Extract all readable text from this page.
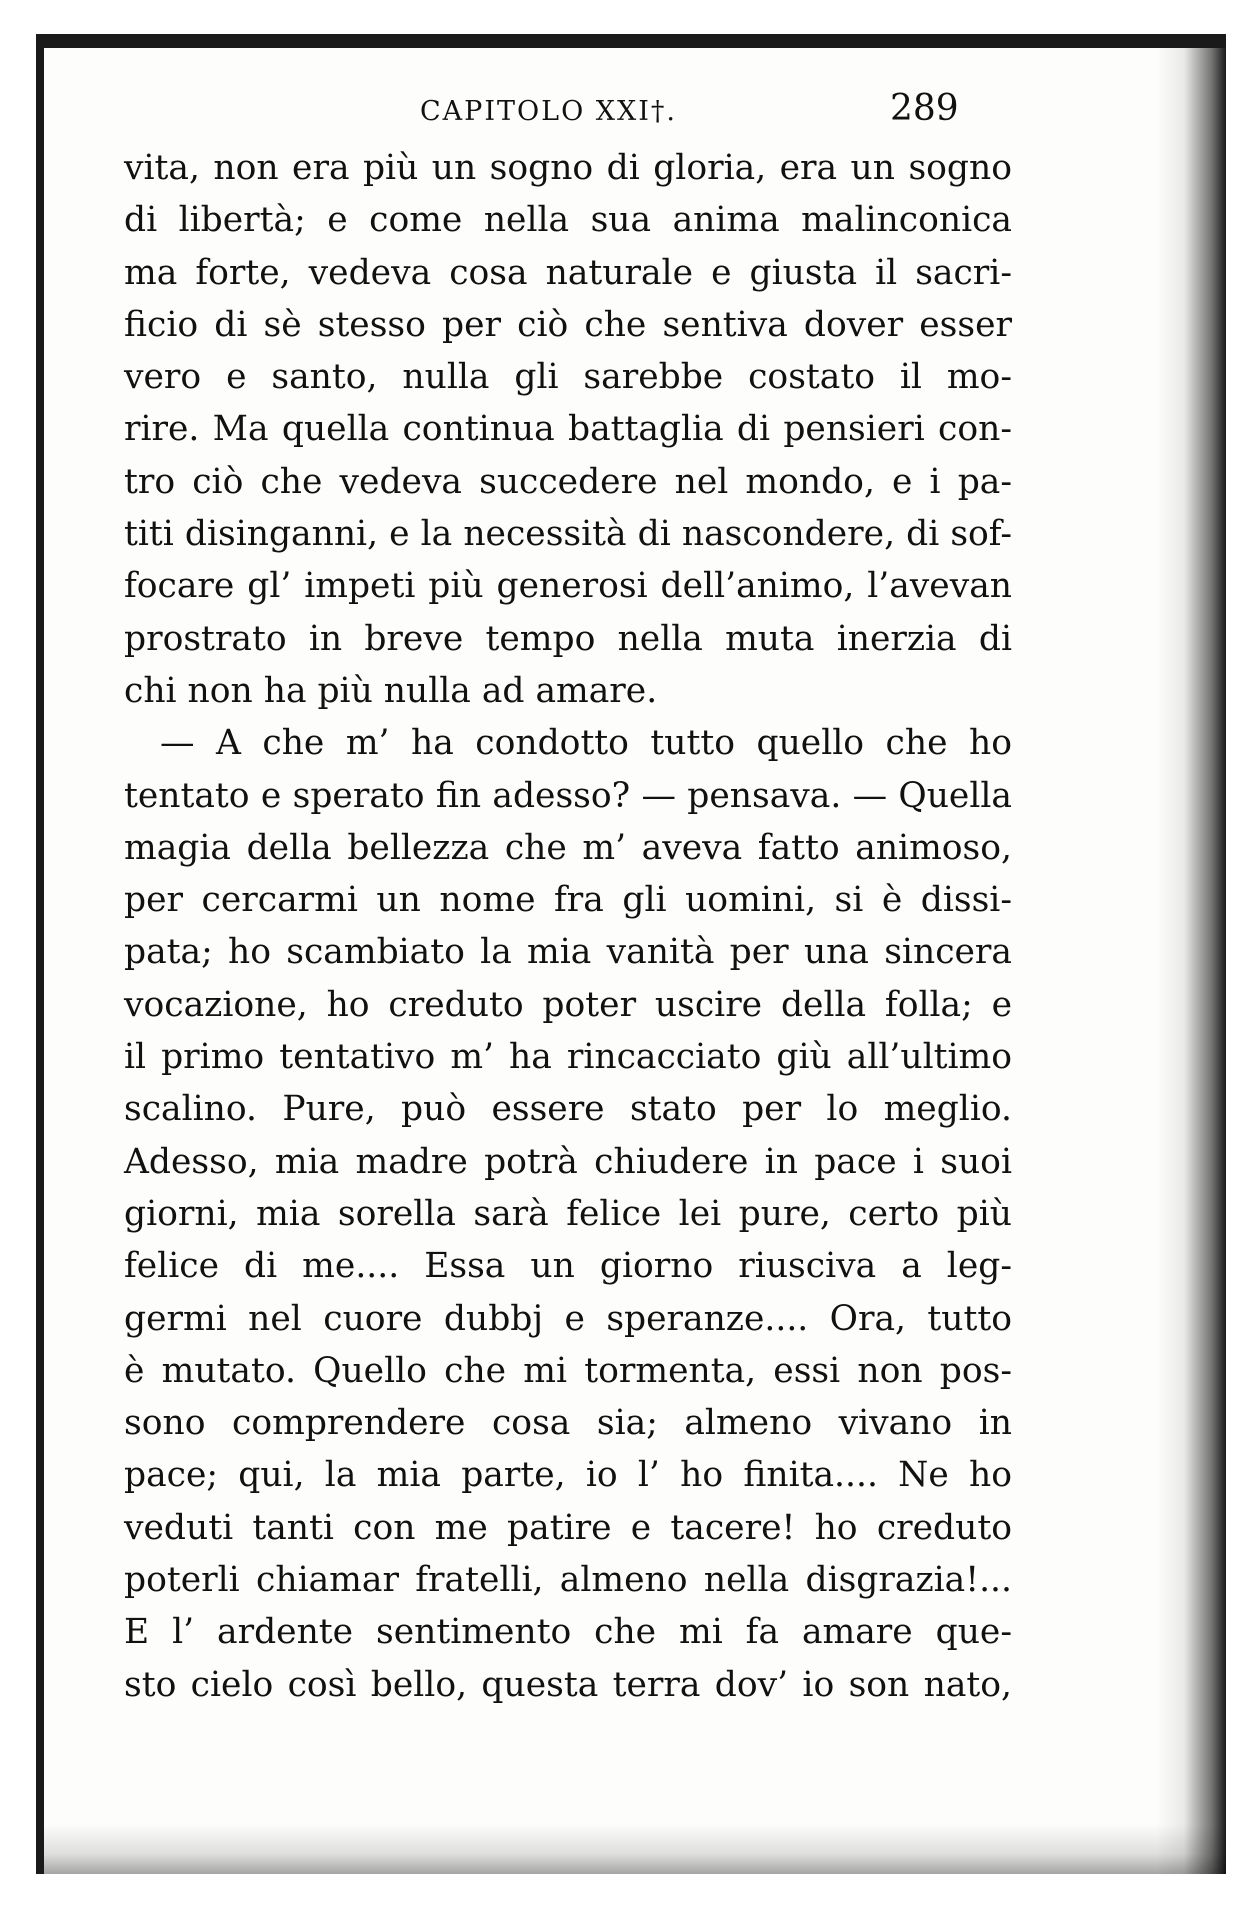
CAPITOLO XXI†.	289
vita, non era più un sogno di gloria, era un sogno
di libertà; e come nella sua anima malinconica
ma forte, vedeva cosa naturale e giusta il sacri-
ficio di sè stesso per ciò che sentiva dover esser
vero e santo, nulla gli sarebbe costato il mo-
rire. Ma quella continua battaglia di pensieri con-
tro ciò che vedeva succedere nel mondo, e i pa-
titi disinganni, e la necessità di nascondere, di sof-
focare gl’ impeti più generosi dell’animo, l’avevan
prostrato in breve tempo nella muta inerzia di
chi non ha più nulla ad amare.
— A che m’ ha condotto tutto quello che ho
tentato e sperato fin adesso? — pensava. — Quella
magia della bellezza che m’ aveva fatto animoso,
per cercarmi un nome fra gli uomini, si è dissi-
pata; ho scambiato la mia vanità per una sincera
vocazione, ho creduto poter uscire della folla; e
il primo tentativo m’ ha rincacciato giù all’ultimo
scalino. Pure, può essere stato per lo meglio.
Adesso, mia madre potrà chiudere in pace i suoi
giorni, mia sorella sarà felice lei pure, certo più
felice di me.... Essa un giorno riusciva a leg-
germi nel cuore dubbj e speranze.... Ora, tutto
è mutato. Quello che mi tormenta, essi non pos-
sono comprendere cosa sia; almeno vivano in
pace; qui, la mia parte, io l’ ho finita.... Ne ho
veduti tanti con me patire e tacere! ho creduto
poterli chiamar fratelli, almeno nella disgrazia!...
E l’ ardente sentimento che mi fa amare que-
sto cielo così bello, questa terra dov’ io son nato,
